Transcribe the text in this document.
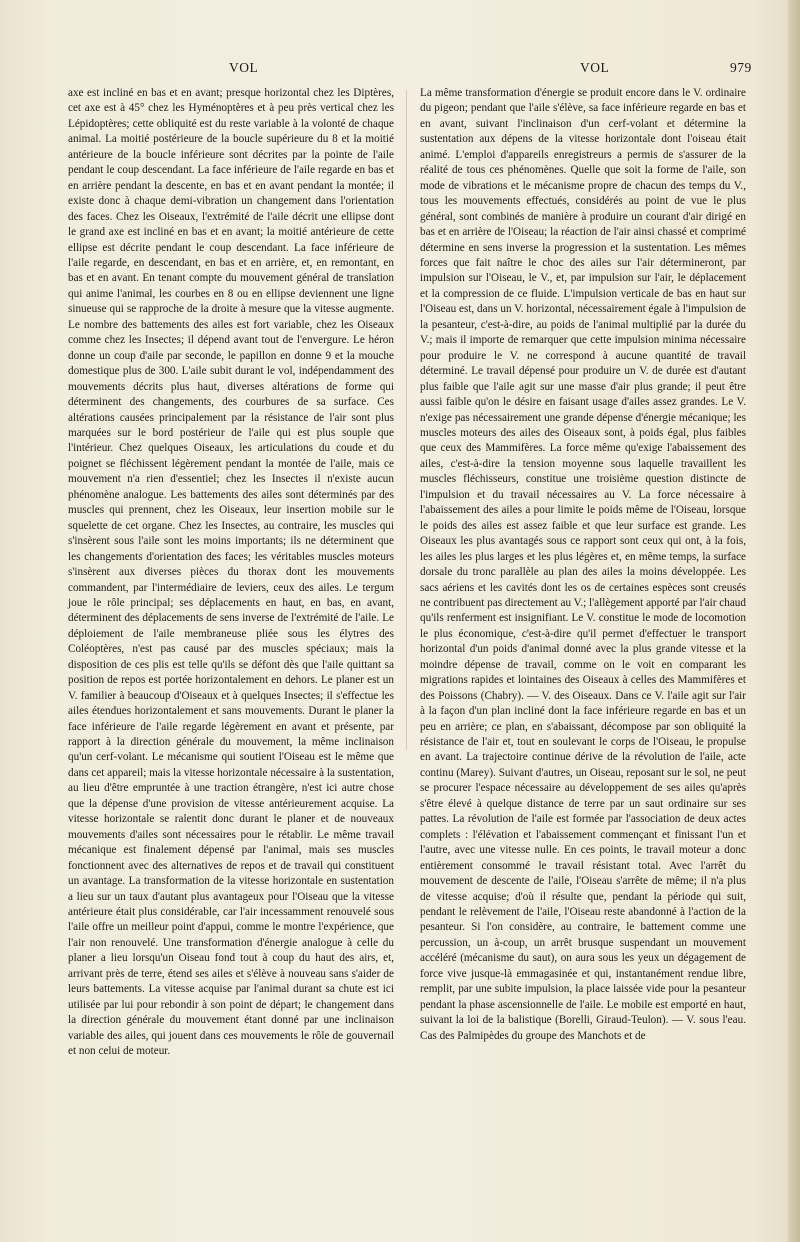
VOL	VOL	979

axe est incliné en bas et en avant; presque horizontal chez les Diptères, cet axe est à 45° chez les Hyménoptères et à peu près vertical chez les Lépidoptères; cette obliquité est du reste variable à la volonté de chaque animal. La moitié postérieure de la boucle supérieure du 8 et la moitié antérieure de la boucle inférieure sont décrites par la pointe de l'aile pendant le coup descendant. La face inférieure de l'aile regarde en bas et en arrière pendant la descente, en bas et en avant pendant la montée; il existe donc à chaque demi-vibration un changement dans l'orientation des faces. Chez les Oiseaux, l'extrémité de l'aile décrit une ellipse dont le grand axe est incliné en bas et en avant; la moitié antérieure de cette ellipse est décrite pendant le coup descendant. La face inférieure de l'aile regarde, en descendant, en bas et en arrière, et, en remontant, en bas et en avant. En tenant compte du mouvement général de translation qui anime l'animal, les courbes en 8 ou en ellipse deviennent une ligne sinueuse qui se rapproche de la droite à mesure que la vitesse augmente. Le nombre des battements des ailes est fort variable, chez les Oiseaux comme chez les Insectes; il dépend avant tout de l'envergure. Le héron donne un coup d'aile par seconde, le papillon en donne 9 et la mouche domestique plus de 300. L'aile subit durant le vol, indépendamment des mouvements décrits plus haut, diverses altérations de forme qui déterminent des changements, des courbures de sa surface. Ces altérations causées principalement par la résistance de l'air sont plus marquées sur le bord postérieur de l'aile qui est plus souple que l'intérieur. Chez quelques Oiseaux, les articulations du coude et du poignet se fléchissent légèrement pendant la montée de l'aile, mais ce mouvement n'a rien d'essentiel; chez les Insectes il n'existe aucun phénomène analogue. Les battements des ailes sont déterminés par des muscles qui prennent, chez les Oiseaux, leur insertion mobile sur le squelette de cet organe. Chez les Insectes, au contraire, les muscles qui s'insèrent sous l'aile sont les moins importants; ils ne déterminent que les changements d'orientation des faces; les véritables muscles moteurs s'insèrent aux diverses pièces du thorax dont les mouvements commandent, par l'intermédiaire de leviers, ceux des ailes. Le tergum joue le rôle principal; ses déplacements en haut, en bas, en avant, déterminent des déplacements de sens inverse de l'extrémité de l'aile. Le déploiement de l'aile membraneuse pliée sous les élytres des Coléoptères, n'est pas causé par des muscles spéciaux; mais la disposition de ces plis est telle qu'ils se défont dès que l'aile quittant sa position de repos est portée horizontalement en dehors. Le planer est un V. familier à beaucoup d'Oiseaux et à quelques Insectes; il s'effectue les ailes étendues horizontalement et sans mouvements. Durant le planer la face inférieure de l'aile regarde légèrement en avant et présente, par rapport à la direction générale du mouvement, la même inclinaison qu'un cerf-volant. Le mécanisme qui soutient l'Oiseau est le même que dans cet appareil; mais la vitesse horizontale nécessaire à la sustentation, au lieu d'être empruntée à une traction étrangère, n'est ici autre chose que la dépense d'une provision de vitesse antérieurement acquise. La vitesse horizontale se ralentit donc durant le planer et de nouveaux mouvements d'ailes sont nécessaires pour le rétablir. Le même travail mécanique est finalement dépensé par l'animal, mais ses muscles fonctionnent avec des alternatives de repos et de travail qui constituent un avantage. La transformation de la vitesse horizontale en sustentation a lieu sur un taux d'autant plus avantageux pour l'Oiseau que la vitesse antérieure était plus considérable, car l'air incessamment renouvelé sous l'aile offre un meilleur point d'appui, comme le montre l'expérience, que l'air non renouvelé. Une transformation d'énergie analogue à celle du planer a lieu lorsqu'un Oiseau fond tout à coup du haut des airs, et, arrivant près de terre, étend ses ailes et s'élève à nouveau sans s'aider de leurs battements. La vitesse acquise par l'animal durant sa chute est ici utilisée par lui pour rebondir à son point de départ; le changement dans la direction générale du mouvement étant donné par une inclinaison variable des ailes, qui jouent dans ces mouvements le rôle de gouvernail et non celui de moteur.

La même transformation d'énergie se produit encore dans le V. ordinaire du pigeon; pendant que l'aile s'élève, sa face inférieure regarde en bas et en avant, suivant l'inclinaison d'un cerf-volant et détermine la sustentation aux dépens de la vitesse horizontale dont l'oiseau était animé. L'emploi d'appareils enregistreurs a permis de s'assurer de la réalité de tous ces phénomènes. Quelle que soit la forme de l'aile, son mode de vibrations et le mécanisme propre de chacun des temps du V., tous les mouvements effectués, considérés au point de vue le plus général, sont combinés de manière à produire un courant d'air dirigé en bas et en arrière de l'Oiseau; la réaction de l'air ainsi chassé et comprimé détermine en sens inverse la progression et la sustentation. Les mêmes forces que fait naître le choc des ailes sur l'air détermineront, par impulsion sur l'Oiseau, le V., et, par impulsion sur l'air, le déplacement et la compression de ce fluide. L'impulsion verticale de bas en haut sur l'Oiseau est, dans un V. horizontal, nécessairement égale à l'impulsion de la pesanteur, c'est-à-dire, au poids de l'animal multiplié par la durée du V.; mais il importe de remarquer que cette impulsion minima nécessaire pour produire le V. ne correspond à aucune quantité de travail déterminé. Le travail dépensé pour produire un V. de durée est d'autant plus faible que l'aile agit sur une masse d'air plus grande; il peut être aussi faible qu'on le désire en faisant usage d'ailes assez grandes. Le V. n'exige pas nécessairement une grande dépense d'énergie mécanique; les muscles moteurs des ailes des Oiseaux sont, à poids égal, plus faibles que ceux des Mammifères. La force même qu'exige l'abaissement des ailes, c'est-à-dire la tension moyenne sous laquelle travaillent les muscles fléchisseurs, constitue une troisième question distincte de l'impulsion et du travail nécessaires au V. La force nécessaire à l'abaissement des ailes a pour limite le poids même de l'Oiseau, lorsque le poids des ailes est assez faible et que leur surface est grande. Les Oiseaux les plus avantagés sous ce rapport sont ceux qui ont, à la fois, les ailes les plus larges et les plus légères et, en même temps, la surface dorsale du tronc parallèle au plan des ailes la moins développée. Les sacs aériens et les cavités dont les os de certaines espèces sont creusés ne contribuent pas directement au V.; l'allègement apporté par l'air chaud qu'ils renferment est insignifiant. Le V. constitue le mode de locomotion le plus économique, c'est-à-dire qu'il permet d'effectuer le transport horizontal d'un poids d'animal donné avec la plus grande vitesse et la moindre dépense de travail, comme on le voit en comparant les migrations rapides et lointaines des Oiseaux à celles des Mammifères et des Poissons (Chabry). — V. des Oiseaux. Dans ce V. l'aile agit sur l'air à la façon d'un plan incliné dont la face inférieure regarde en bas et un peu en arrière; ce plan, en s'abaissant, décompose par son obliquité la résistance de l'air et, tout en soulevant le corps de l'Oiseau, le propulse en avant. La trajectoire continue dérive de la révolution de l'aile, acte continu (Marey). Suivant d'autres, un Oiseau, reposant sur le sol, ne peut se procurer l'espace nécessaire au développement de ses ailes qu'après s'être élevé à quelque distance de terre par un saut ordinaire sur ses pattes. La révolution de l'aile est formée par l'association de deux actes complets : l'élévation et l'abaissement commençant et finissant l'un et l'autre, avec une vitesse nulle. En ces points, le travail moteur a donc entièrement consommé le travail résistant total. Avec l'arrêt du mouvement de descente de l'aile, l'Oiseau s'arrête de même; il n'a plus de vitesse acquise; d'où il résulte que, pendant la période qui suit, pendant le relèvement de l'aile, l'Oiseau reste abandonné à l'action de la pesanteur. Si l'on considère, au contraire, le battement comme une percussion, un à-coup, un arrêt brusque suspendant un mouvement accéléré (mécanisme du saut), on aura sous les yeux un dégagement de force vive jusque-là emmagasinée et qui, instantanément rendue libre, remplit, par une subite impulsion, la place laissée vide pour la pesanteur pendant la phase ascensionnelle de l'aile. Le mobile est emporté en haut, suivant la loi de la balistique (Borelli, Giraud-Teulon). — V. sous l'eau. Cas des Palmipèdes du groupe des Manchots et de
